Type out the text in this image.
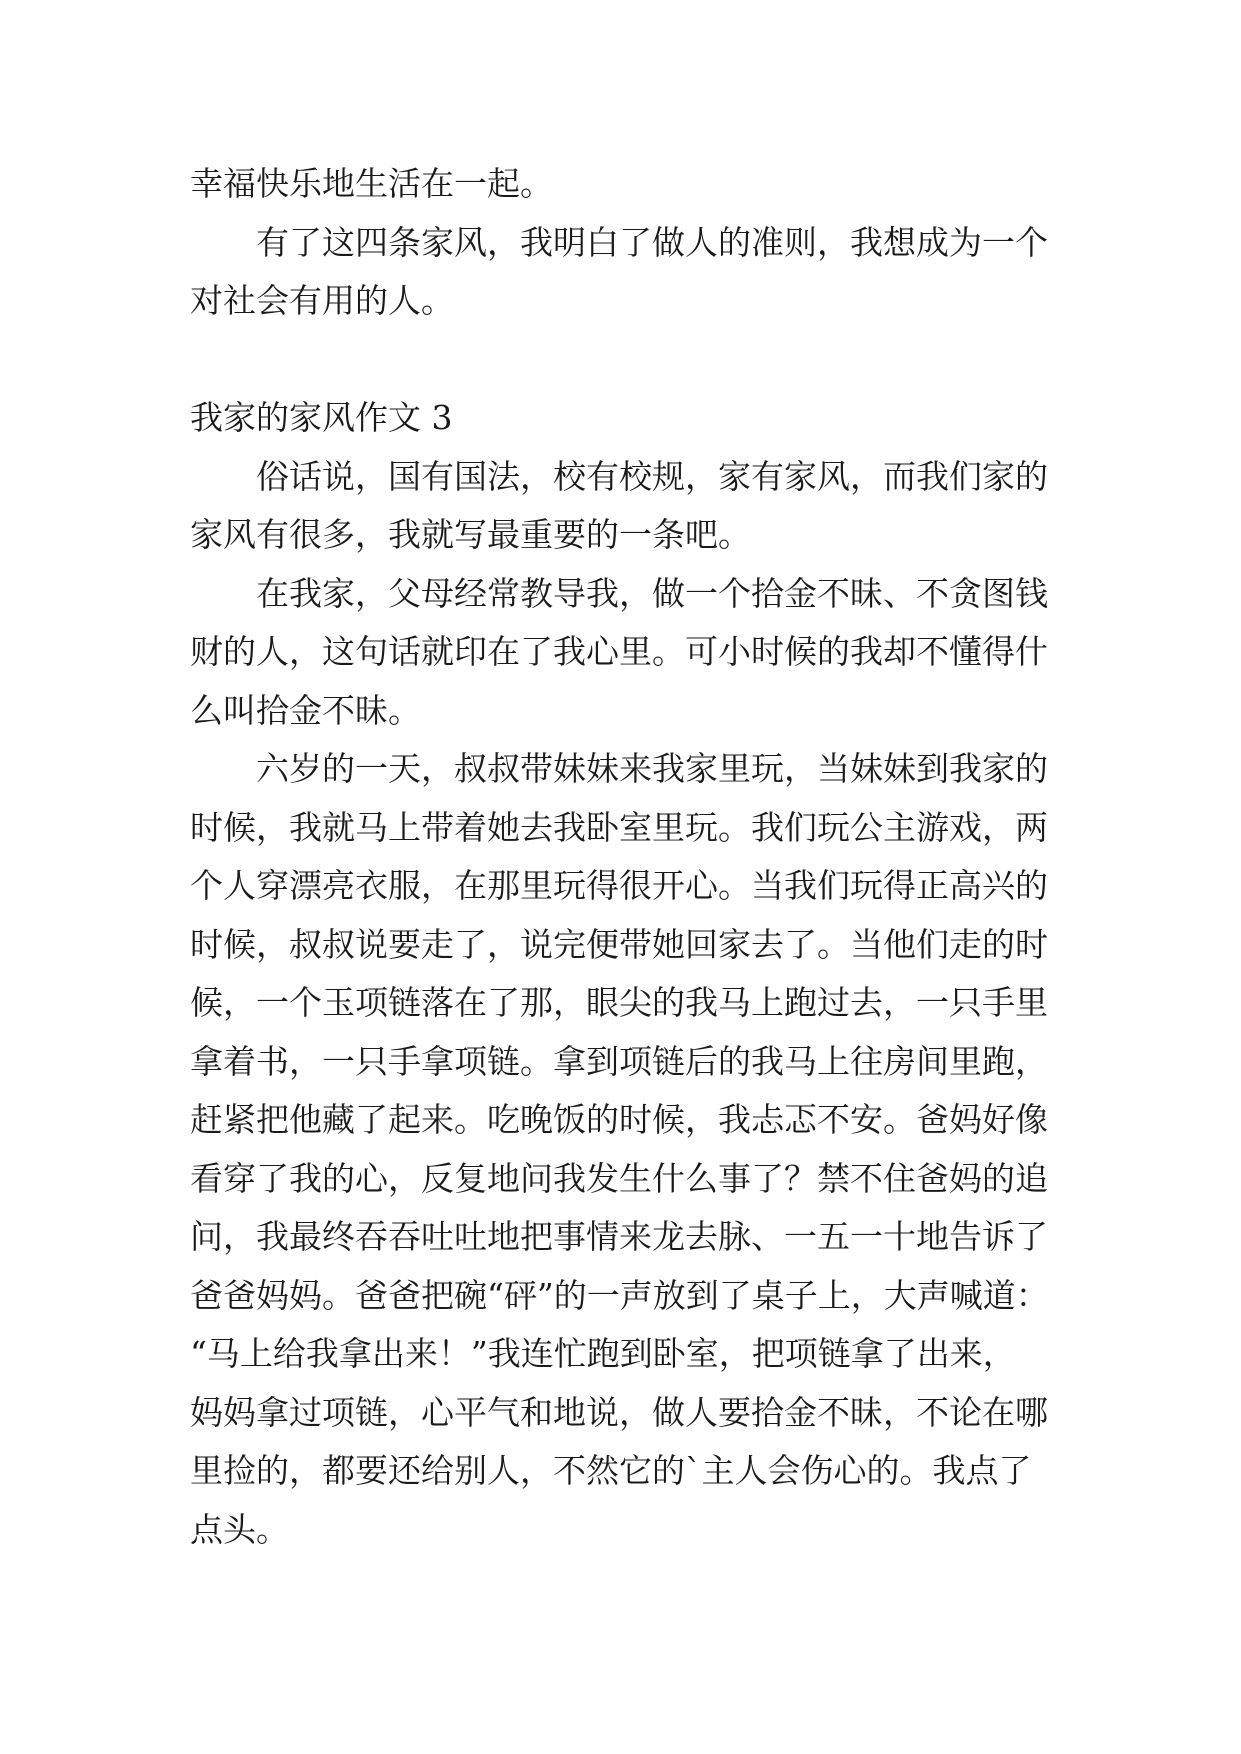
幸福快乐地生活在一起。

有了这四条家风，我明白了做人的准则，我想成为一个

对社会有用的人。

我家的家风作文 3

俗话说，国有国法，校有校规，家有家风，而我们家的

家风有很多，我就写最重要的一条吧。

在我家，父母经常教导我，做一个拾金不昧、不贪图钱

财的人，这句话就印在了我心里。可小时候的我却不懂得什

么叫拾金不昧。

六岁的一天，叔叔带妹妹来我家里玩，当妹妹到我家的

时候，我就马上带着她去我卧室里玩。我们玩公主游戏，两

个人穿漂亮衣服，在那里玩得很开心。当我们玩得正高兴的

时候，叔叔说要走了，说完便带她回家去了。当他们走的时

候，一个玉项链落在了那，眼尖的我马上跑过去，一只手里

拿着书，一只手拿项链。拿到项链后的我马上往房间里跑，

赶紧把他藏了起来。吃晚饭的时候，我忐忑不安。爸妈好像

看穿了我的心，反复地问我发生什么事了？禁不住爸妈的追

问，我最终吞吞吐吐地把事情来龙去脉、一五一十地告诉了

爸爸妈妈。爸爸把碗“砰”的一声放到了桌子上，大声喊道：

“马上给我拿出来！”我连忙跑到卧室，把项链拿了出来，

妈妈拿过项链，心平气和地说，做人要拾金不昧，不论在哪

里捡的，都要还给别人，不然它的`主人会伤心的。我点了

点头。
